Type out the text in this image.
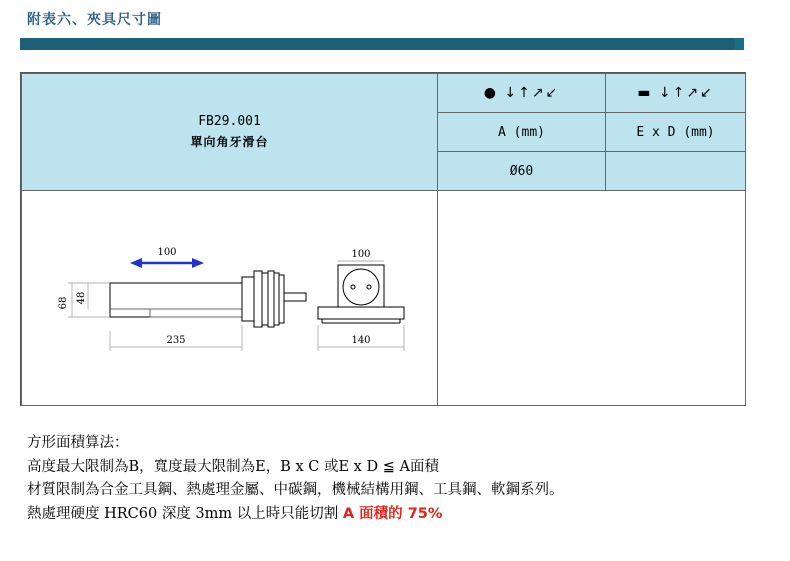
附表六、夾具尺寸圖
FB29.001
單向角牙滑台
● ↓↑↗↙	▬ ↓↑↗↙
A (mm)	E x D (mm)
Ø60
100
68 48
235
100
140
方形面積算法：
高度最大限制為B，寬度最大限制為E，B x C 或E x D ≦ A面積
材質限制為合金工具鋼、熱處理金屬、中碳鋼，機械結構用鋼、工具鋼、軟鋼系列。
熱處理硬度 HRC60 深度 3mm 以上時只能切割 A 面積的 75%
